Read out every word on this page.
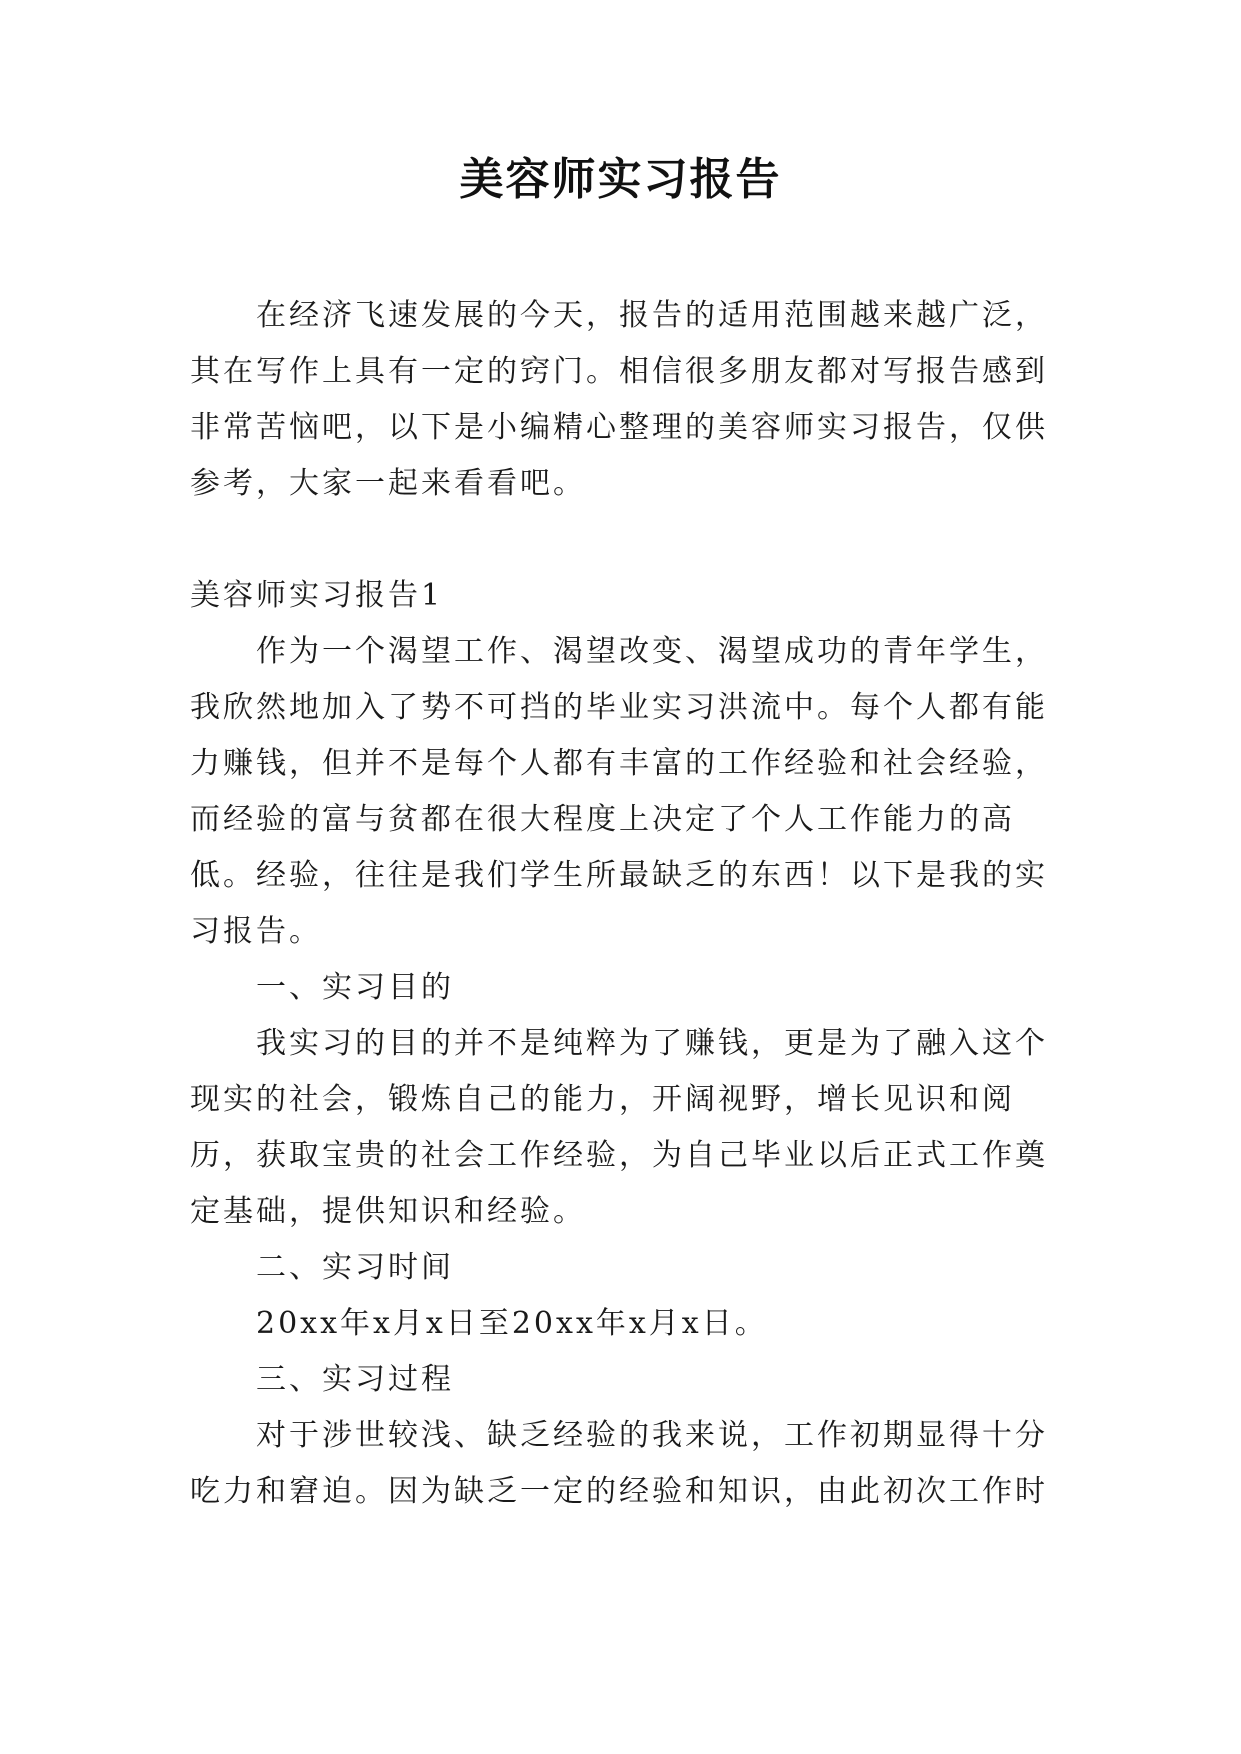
美容师实习报告

在经济飞速发展的今天，报告的适用范围越来越广泛，其在写作上具有一定的窍门。相信很多朋友都对写报告感到非常苦恼吧，以下是小编精心整理的美容师实习报告，仅供参考，大家一起来看看吧。

美容师实习报告1

作为一个渴望工作、渴望改变、渴望成功的青年学生，我欣然地加入了势不可挡的毕业实习洪流中。每个人都有能力赚钱，但并不是每个人都有丰富的工作经验和社会经验，而经验的富与贫都在很大程度上决定了个人工作能力的高低。经验，往往是我们学生所最缺乏的东西！以下是我的实习报告。

一、实习目的

我实习的目的并不是纯粹为了赚钱，更是为了融入这个现实的社会，锻炼自己的能力，开阔视野，增长见识和阅历，获取宝贵的社会工作经验，为自己毕业以后正式工作奠定基础，提供知识和经验。

二、实习时间

20xx年x月x日至20xx年x月x日。

三、实习过程

对于涉世较浅、缺乏经验的我来说，工作初期显得十分吃力和窘迫。因为缺乏一定的经验和知识，由此初次工作时
